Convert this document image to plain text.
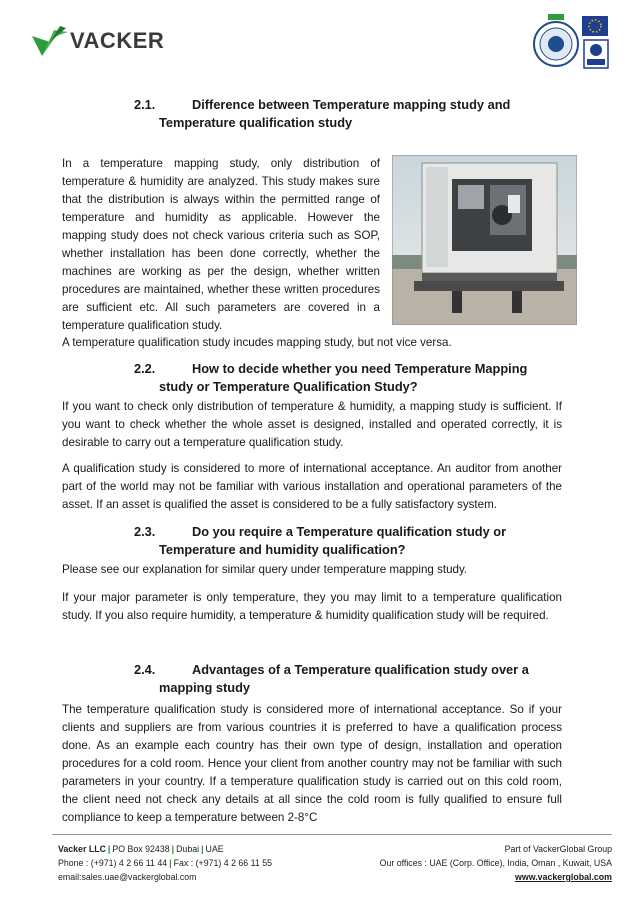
VACKER
2.1.	Difference between Temperature mapping study and
Temperature qualification study
In a temperature mapping study, only distribution of temperature & humidity are analyzed. This study makes sure that the distribution is always within the permitted range of temperature and humidity as applicable. However the mapping study does not check various criteria such as SOP, whether installation has been done correctly, whether the machines are working as per the design, whether written procedures are maintained, whether these written procedures are sufficient etc. All such parameters are covered in a temperature qualification study.
A temperature qualification study incudes mapping study, but not vice versa.
2.2.	How to decide whether you need Temperature Mapping
study or Temperature Qualification Study?
If you want to check only distribution of temperature & humidity, a mapping study is sufficient. If you want to check whether the whole asset is designed, installed and operated correctly, it is desirable to carry out a temperature qualification study.
A qualification study is considered to more of international acceptance. An auditor from another part of the world may not be familiar with various installation and operational parameters of the asset. If an asset is qualified the asset is considered to be a fully satisfactory system.
2.3.	Do you require a Temperature qualification study or
Temperature and humidity qualification?
Please see our explanation for similar query under temperature mapping study.
If your major parameter is only temperature, they you may limit to a temperature qualification study. If you also require humidity, a temperature & humidity qualification study will be required.
2.4.	Advantages of a Temperature qualification study over a
mapping study
The temperature qualification study is considered more of international acceptance. So if your clients and suppliers are from various countries it is preferred to have a qualification process done. As an example each country has their own type of design, installation and operation procedures for a cold room. Hence your client from another country may not be familiar with such parameters in your country. If a temperature qualification study is carried out on this cold room, the client need not check any details at all since the cold room is fully qualified to ensure full compliance to keep a temperature between 2-8°C
Vacker LLC | PO Box 92438 | Dubai | UAE
Phone : (+971) 4 2 66 11 44 | Fax : (+971) 4 2 66 11 55
email:sales.uae@vackerglobal.com
Part of VackerGlobal Group
Our offices : UAE (Corp. Office), India, Oman , Kuwait, USA
www.vackerglobal.com
